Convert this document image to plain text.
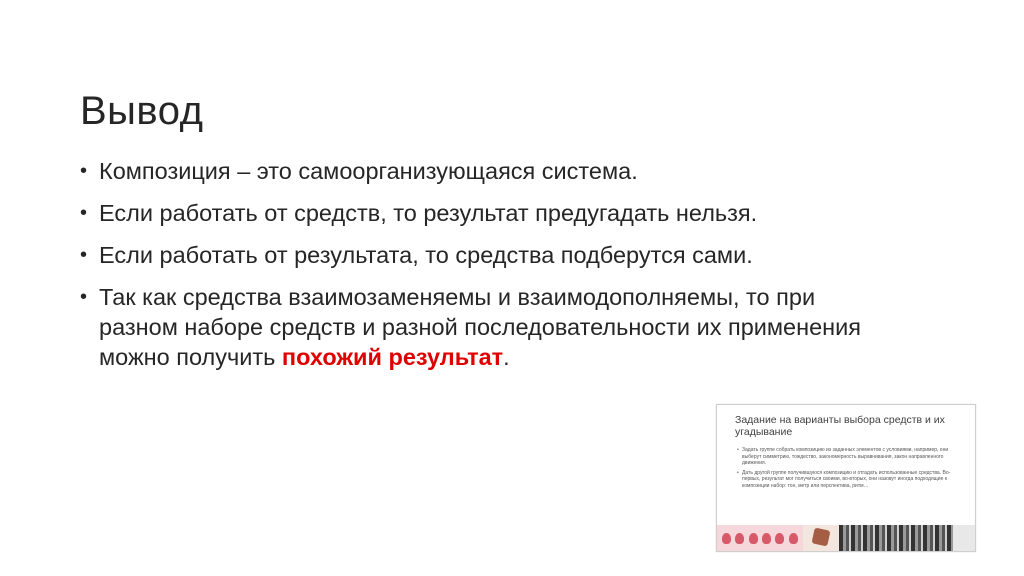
Вывод
• Композиция – это самоорганизующаяся система.
• Если работать от средств, то результат предугадать нельзя.
• Если работать от результата, то средства подберутся сами.
• Так как средства взаимозаменяемы и взаимодополняемы, то при разном наборе средств и разной последовательности их применения можно получить похожий результат.
Задание на варианты выбора средств и их угадывание
• Задать группе собрать композицию из заданных элементов с условиями, например, они выберут симметрию, тождество, закономерность выравнивания, закон направленного движения.
• Дать другой группе получившуюся композицию и отгадать использованные средства. Во-первых, результат мог получиться своими, во-вторых, они назовут иногда подходящие к композиции набор: тон, метр или перспектива, ритм…
